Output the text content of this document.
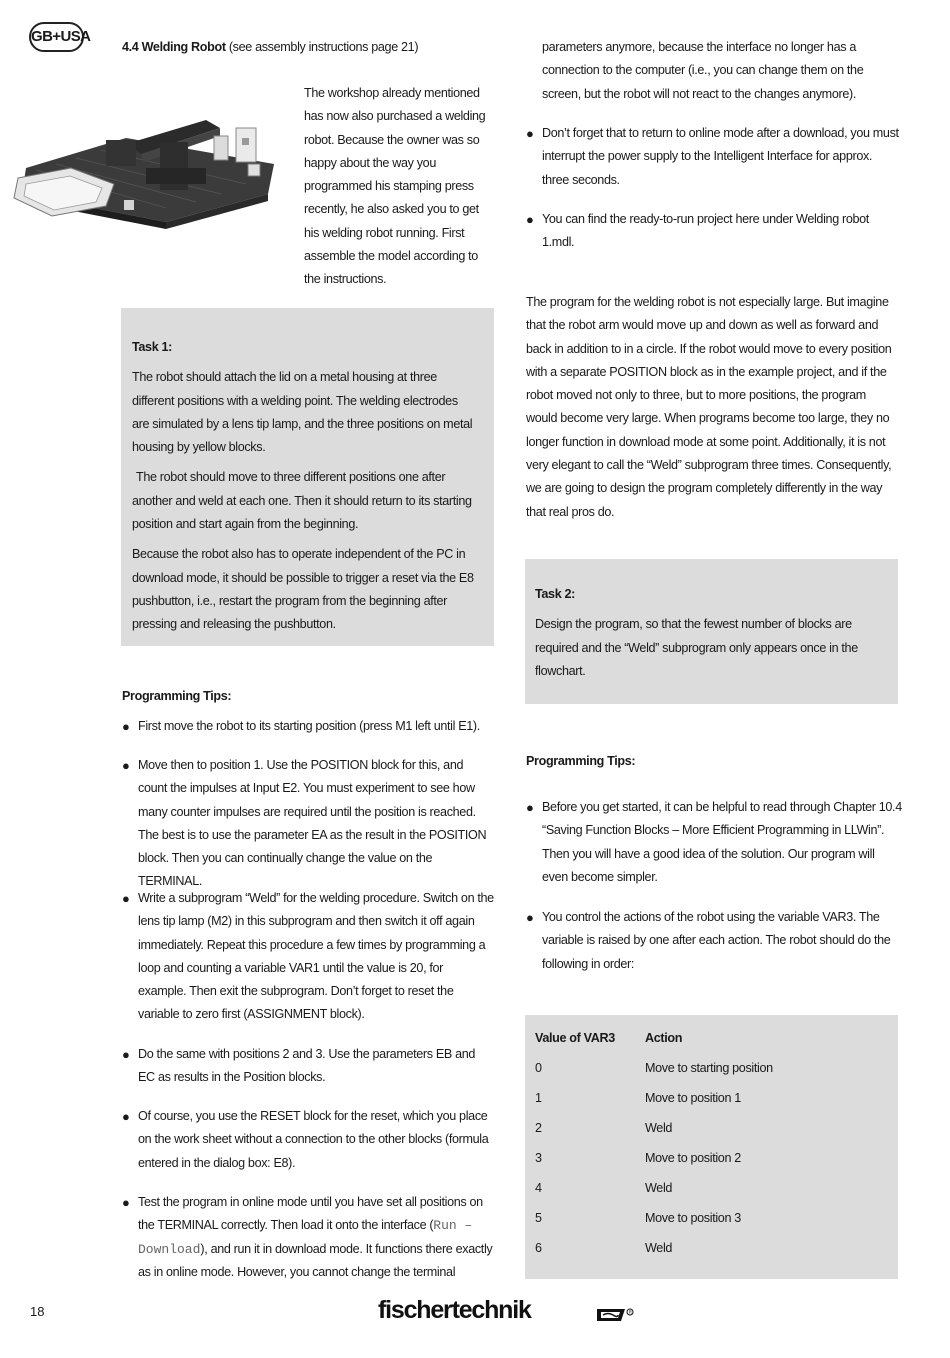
GB+USA
4.4 Welding Robot (see assembly instructions page 21)

The workshop already mentioned has now also purchased a welding robot. Because the owner was so happy about the way you programmed his stamping press recently, he also asked you to get his welding robot running. First assemble the model according to the instructions.

Task 1:

The robot should attach the lid on a metal housing at three different positions with a welding point. The welding electrodes are simulated by a lens tip lamp, and the three positions on metal housing by yellow blocks.

The robot should move to three different positions one after another and weld at each one. Then it should return to its starting position and start again from the beginning.

Because the robot also has to operate independent of the PC in download mode, it should be possible to trigger a reset via the E8 pushbutton, i.e., restart the program from the beginning after pressing and releasing the pushbutton.

Programming Tips:
● First move the robot to its starting position (press M1 left until E1).

● Move then to position 1. Use the POSITION block for this, and count the impulses at Input E2. You must experiment to see how many counter impulses are required until the position is reached. The best is to use the parameter EA as the result in the POSITION block. Then you can continually change the value on the TERMINAL.

● Write a subprogram “Weld” for the welding procedure. Switch on the lens tip lamp (M2) in this subprogram and then switch it off again immediately. Repeat this procedure a few times by programming a loop and counting a variable VAR1 until the value is 20, for example. Then exit the subprogram. Don’t forget to reset the variable to zero first (ASSIGNMENT block).

● Do the same with positions 2 and 3. Use the parameters EB and EC as results in the Position blocks.

● Of course, you use the RESET block for the reset, which you place on the work sheet without a connection to the other blocks (formula entered in the dialog box: E8).

● Test the program in online mode until you have set all positions on the TERMINAL correctly. Then load it onto the interface (Run – Download), and run it in download mode. It functions there exactly as in online mode. However, you cannot change the terminal

parameters anymore, because the interface no longer has a connection to the computer (i.e., you can change them on the screen, but the robot will not react to the changes anymore).

● Don’t forget that to return to online mode after a download, you must interrupt the power supply to the Intelligent Interface for approx. three seconds.

● You can find the ready-to-run project here under Welding robot 1.mdl.

The program for the welding robot is not especially large. But imagine that the robot arm would move up and down as well as forward and back in addition to in a circle. If the robot would move to every position with a separate POSITION block as in the example project, and if the robot moved not only to three, but to more positions, the program would become very large. When programs become too large, they no longer function in download mode at some point. Additionally, it is not very elegant to call the “Weld” subprogram three times. Consequently, we are going to design the program completely differently in the way that real pros do.

Task 2:

Design the program, so that the fewest number of blocks are required and the “Weld” subprogram only appears once in the flowchart.

Programming Tips:
● Before you get started, it can be helpful to read through Chapter 10.4 “Saving Function Blocks – More Efficient Programming in LLWin”. Then you will have a good idea of the solution. Our program will even become simpler.

● You control the actions of the robot using the variable VAR3. The variable is raised by one after each action. The robot should do the following in order:

Value of VAR3 Action
0	Move to starting position
1	Move to position 1
2	Weld
3	Move to position 2
4	Weld
5	Move to position 3
6	Weld
18	fischertechnik	R
